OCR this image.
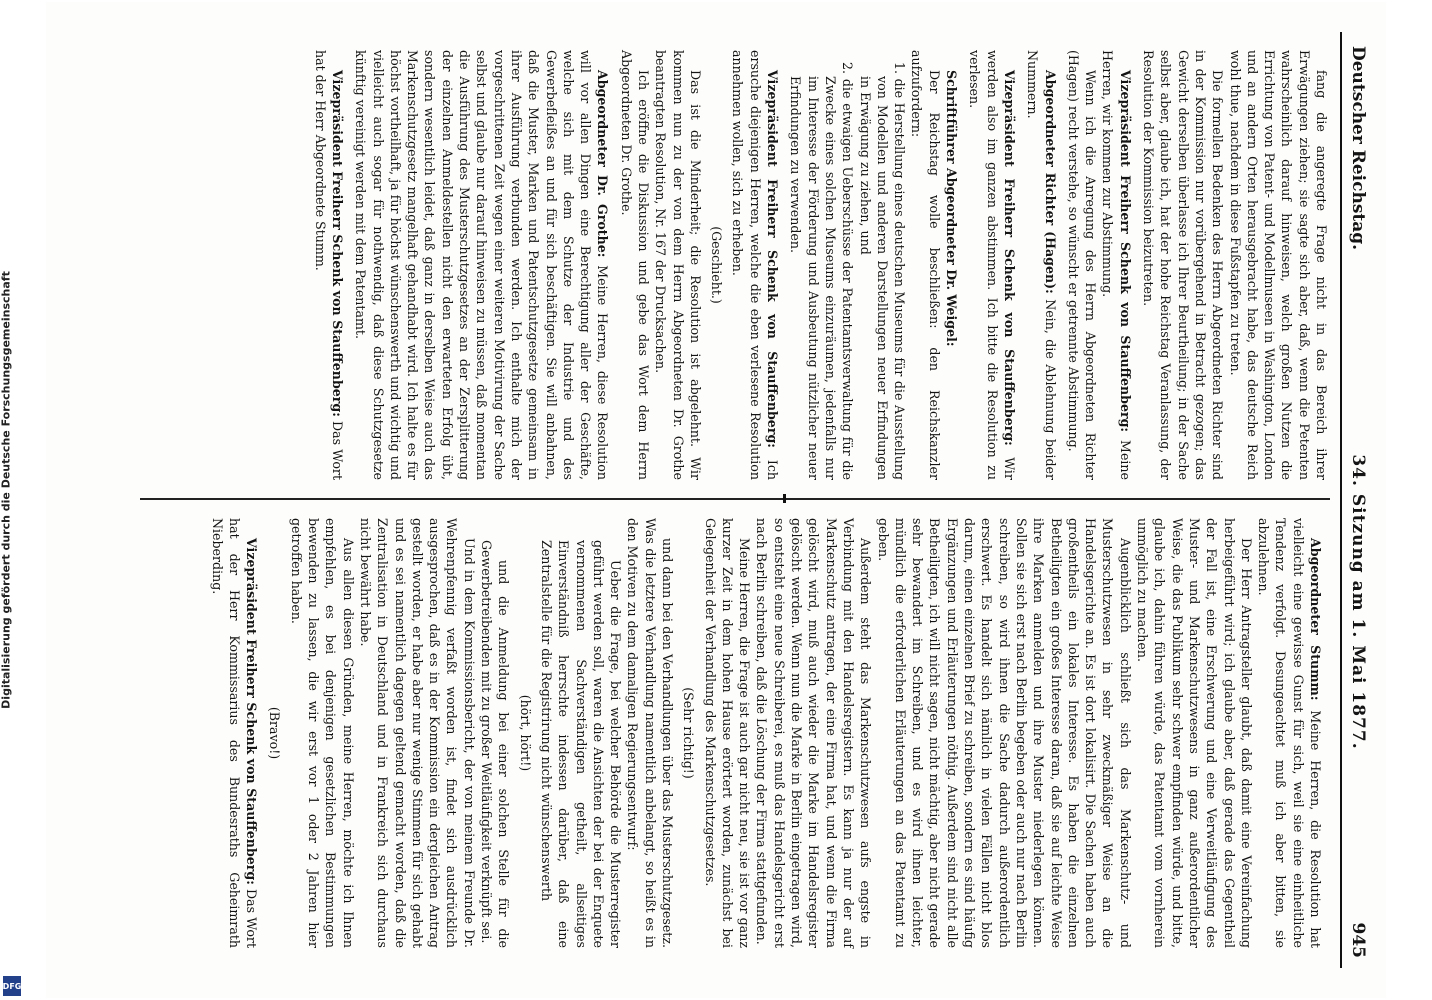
Deutscher Reichstag.
34. Sitzung am 1. Mai 1877.
945
fang die angeregte Frage nicht in das Bereich ihrer Erwägungen ziehen; sie sagte sich aber, daß, wenn die Petenten wahrscheinlich darauf hinweisen, welch großen Nutzen die Errichtung von Patent- und Modellmuseen in Washington, London und an andern Orten herausgebracht habe, das deutsche Reich wohl thue, nachdem in diese Fußstapfen zu treten.
Die formellen Bedenken des Herrn Abgeordneten Richter sind in der Kommission nur vorübergehend in Betracht gezogen; das Gewicht derselben überlasse ich Ihrer Beurtheilung; in der Sache selbst aber, glaube ich, hat der hohe Reichstag Veranlassung, der Resolution der Kommission beizutreten.
Vizepräsident Freiherr Schenk von Stauffenberg: Meine Herren, wir kommen zur Abstimmung.
Wenn ich die Anregung des Herrn Abgeordneten Richter (Hagen) recht verstehe, so wünscht er getrennte Abstimmung.
Abgeordneter Richter (Hagen): Nein, die Ablehnung beider Nummern.
Vizepräsident Freiherr Schenk von Stauffenberg: Wir werden also im ganzen abstimmen. Ich bitte die Resolution zu verlesen.
Schriftführer Abgeordneter Dr. Weigel:
Der Reichstag wolle beschließen: den Reichskanzler aufzufordern:
1. die Herstellung eines deutschen Museums für die Ausstellung von Modellen und anderen Darstellungen neuer Erfindungen in Erwägung zu ziehen, und
2. die etwaigen Ueberschüsse der Patentamtsverwaltung für die Zwecke eines solchen Museums einzuräumen, jedenfalls nur im Interesse der Förderung und Ausbeutung nützlicher neuer Erfindungen zu verwenden.
Vizepräsident Freiherr Schenk von Stauffenberg: Ich ersuche diejenigen Herren, welche die eben verlesene Resolution annehmen wollen, sich zu erheben.
(Geschieht.)
Das ist die Minderheit; die Resolution ist abgelehnt. Wir kommen nun zu der von dem Herrn Abgeordneten Dr. Grothe beantragten Resolution, Nr. 167 der Drucksachen.
Ich eröffne die Diskussion und gebe das Wort dem Herrn Abgeordneten Dr. Grothe.
Abgeordneter Dr. Grothe: Meine Herren, diese Resolution will vor allen Dingen eine Berechtigung aller der Geschäfte, welche sich mit dem Schutze der Industrie und des Gewerbefleißes an und für sich beschäftigen. Sie will anbahnen, daß die Muster, Marken und Patentschutzgesetze gemeinsam in ihrer Ausführung verbunden werden. Ich enthalte mich der vorgeschrittenen Zeit wegen einer weiteren Motivirung der Sache selbst und glaube nur darauf hinweisen zu müssen, daß momentan die Ausführung des Musterschutzgesetzes an der Zersplitterung der einzelnen Anmeldestellen nicht den erwarteten Erfolg übt, sondern wesentlich leidet, daß ganz in derselben Weise auch das Markenschutzgesetz mangelhaft gehandhabt wird. Ich halte es für höchst vortheilhaft, ja für höchst wünschenswerth und wichtig und vielleicht auch sogar für nothwendig, daß diese Schutzgesetze künftig vereinigt werden mit dem Patentamt.
Vizepräsident Freiherr Schenk von Stauffenberg: Das Wort hat der Herr Abgeordnete Stumm.
Abgeordneter Stumm: Meine Herren, die Resolution hat vielleicht eine gewisse Gunst für sich, weil sie eine einheitliche Tendenz verfolgt. Desungeachtet muß ich aber bitten, sie abzulehnen.
Der Herr Antragsteller glaubt, daß damit eine Vereinfachung herbeigeführt wird; ich glaube aber, daß gerade das Gegentheil der Fall ist, eine Erschwerung und eine Verweitläufigung des Muster- und Markenschutzwesens in ganz außerordentlicher Weise, die das Publikum sehr schwer empfinden würde, und bitte, glaube ich, dahin führen würde, das Patentamt vom vornherein unmöglich zu machen.
Augenblicklich schließt sich das Markenschutz- und Musterschutzwesen in sehr zweckmäßiger Weise an die Handelsgerichte an. Es ist dort lokalisirt. Die Sachen haben auch großentheils ein lokales Interesse. Es haben die einzelnen Betheiligten ein großes Interesse daran, daß sie auf leichte Weise ihre Marken anmelden und ihre Muster niederlegen können. Sollen sie sich erst nach Berlin begeben oder auch nur nach Berlin schreiben, so wird ihnen die Sache dadurch außerordentlich erschwert. Es handelt sich nämlich in vielen Fällen nicht blos darum, einen einzelnen Brief zu schreiben, sondern es sind häufig Ergänzungen und Erläuterungen nöthig. Außerdem sind nicht alle Betheiligten, ich will nicht sagen, nicht mächtig, aber nicht gerade sehr bewandert im Schreiben, und es wird ihnen leichter, mündlich die erforderlichen Erläuterungen an das Patentamt zu geben.
Außerdem steht das Markenschutzwesen aufs engste in Verbindung mit den Handelsregistern. Es kann ja nur der auf Markenschutz antragen, der eine Firma hat, und wenn die Firma gelöscht wird, muß auch wieder die Marke im Handelsregister gelöscht werden. Wenn nun die Marke in Berlin eingetragen wird, so entsteht eine neue Schreiberei, es muß das Handelsgericht erst nach Berlin schreiben, daß die Löschung der Firma stattgefunden.
Meine Herren, die Frage ist auch gar nicht neu, sie ist vor ganz kurzer Zeit in dem hohen Hause erörtert worden, zunächst bei Gelegenheit der Verhandlung des Markenschutzgesetzes.
(Sehr richtig!)
und dann bei den Verhandlungen über das Musterschutzgesetz. Was die letztere Verhandlung namentlich anbelangt, so heißt es in den Motiven zu dem damaligen Regierungsentwurf:
Ueber die Frage, bei welcher Behörde die Musterregister geführt werden soll, waren die Ansichten der bei der Enquete vernommenen Sachverständigen getheilt, allseitiges Einverständniß herrschte indessen darüber, daß eine Zentralstelle für die Registrirung nicht wünschenswerth
(hört, hört!)
und die Anmeldung bei einer solchen Stelle für die Gewerbetreibenden mit zu großer Weitläufigkeit verknüpft sei.
Und in dem Kommissionsbericht, der von meinem Freunde Dr. Wehrenpfennig verfaßt worden ist, findet sich ausdrücklich ausgesprochen, daß es in der Kommission ein dergleichen Antrag gestellt worden, er habe aber nur wenige Stimmen für sich gehabt und es sei namentlich dagegen geltend gemacht worden, daß die Zentralisation in Deutschland und in Frankreich sich durchaus nicht bewährt habe.
Aus allen diesen Gründen, meine Herren, möchte ich Ihnen empfehlen, es bei denjenigen gesetzlichen Bestimmungen bewenden zu lassen, die wir erst vor 1 oder 2 Jahren hier getroffen haben.
(Bravo!)
Vizepräsident Freiherr Schenk von Stauffenberg: Das Wort hat der Herr Kommissarius des Bundesraths Geheimrath Nieberding.
Digitalisierung gefördert durch die Deutsche Forschungsgemeinschaft
DFG
